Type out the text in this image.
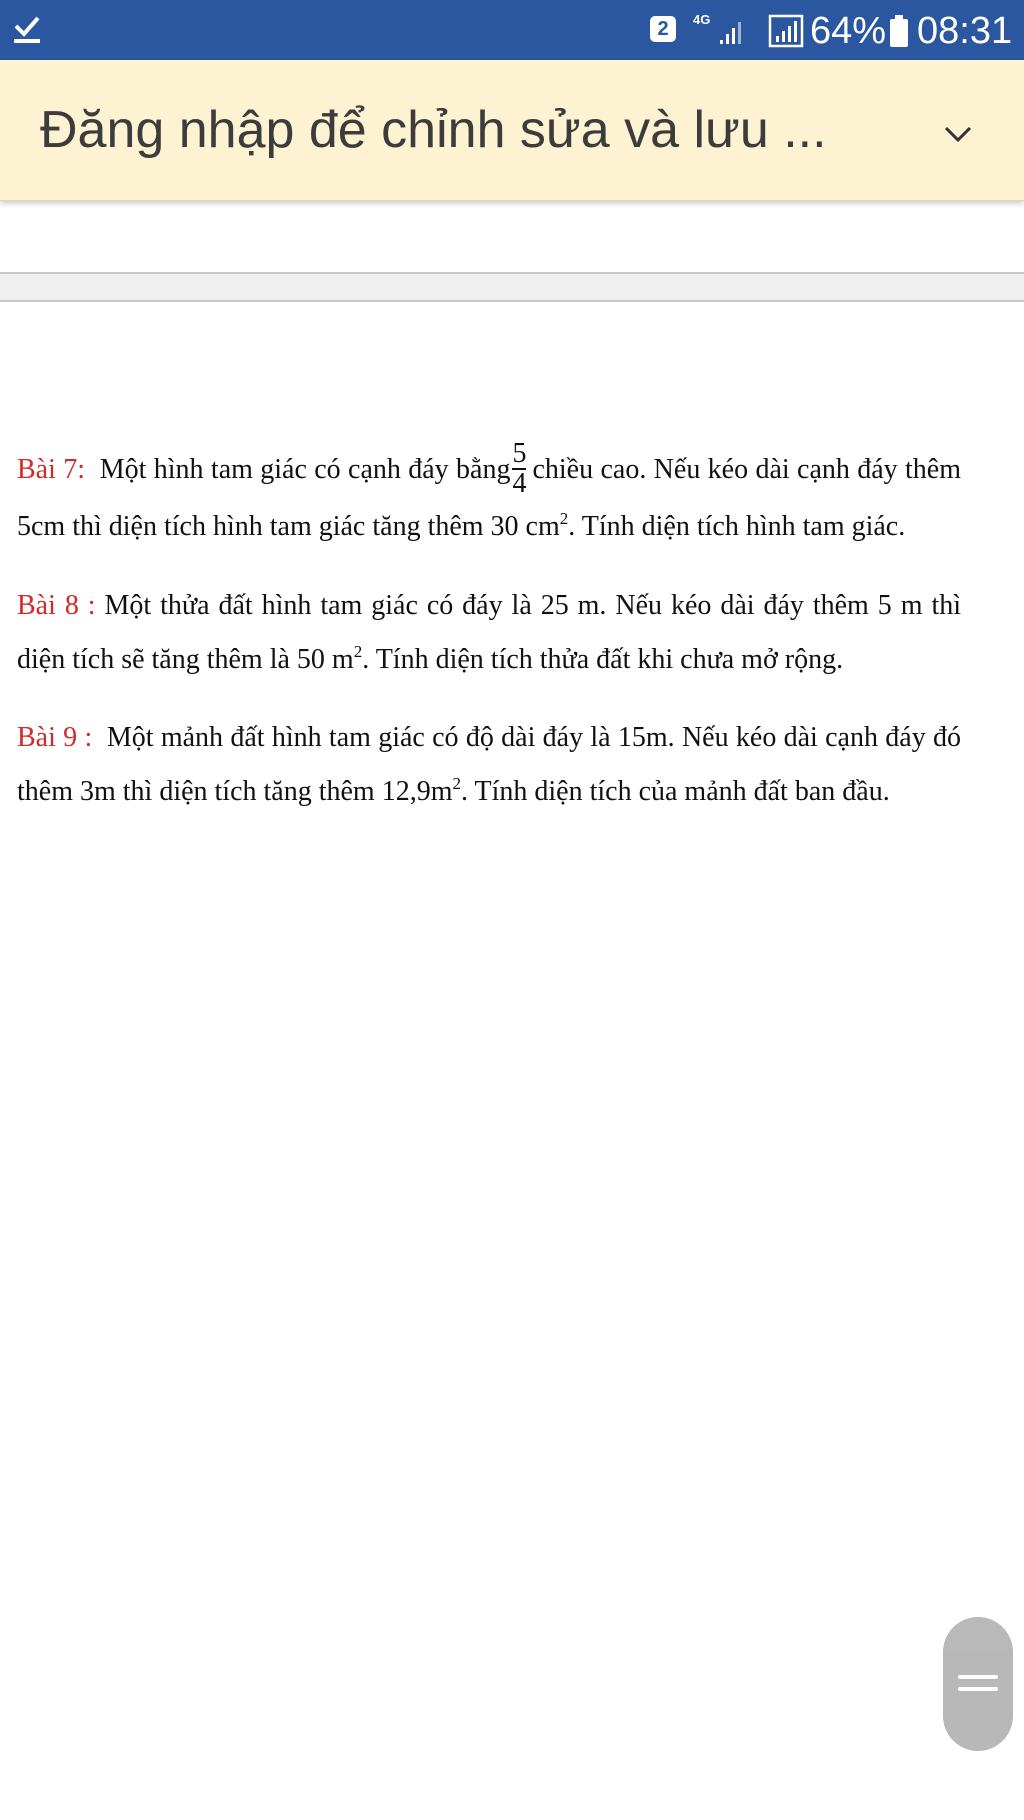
2	4G	64% 08:31
Đăng nhập để chỉnh sửa và lưu ...
Bài 7: Một hình tam giác có cạnh đáy bằng $\frac{5}{4}$ chiều cao. Nếu kéo dài cạnh đáy thêm 5cm thì diện tích hình tam giác tăng thêm 30 $cm^2$. Tính diện tích hình tam giác.
Bài 8 : Một thửa đất hình tam giác có đáy là 25 m. Nếu kéo dài đáy thêm 5 m thì diện tích sẽ tăng thêm là 50 $m^2$. Tính diện tích thửa đất khi chưa mở rộng.
Bài 9 : Một mảnh đất hình tam giác có độ dài đáy là 15m. Nếu kéo dài cạnh đáy đó thêm 3m thì diện tích tăng thêm $12,9m^2$. Tính diện tích của mảnh đất ban đầu.
